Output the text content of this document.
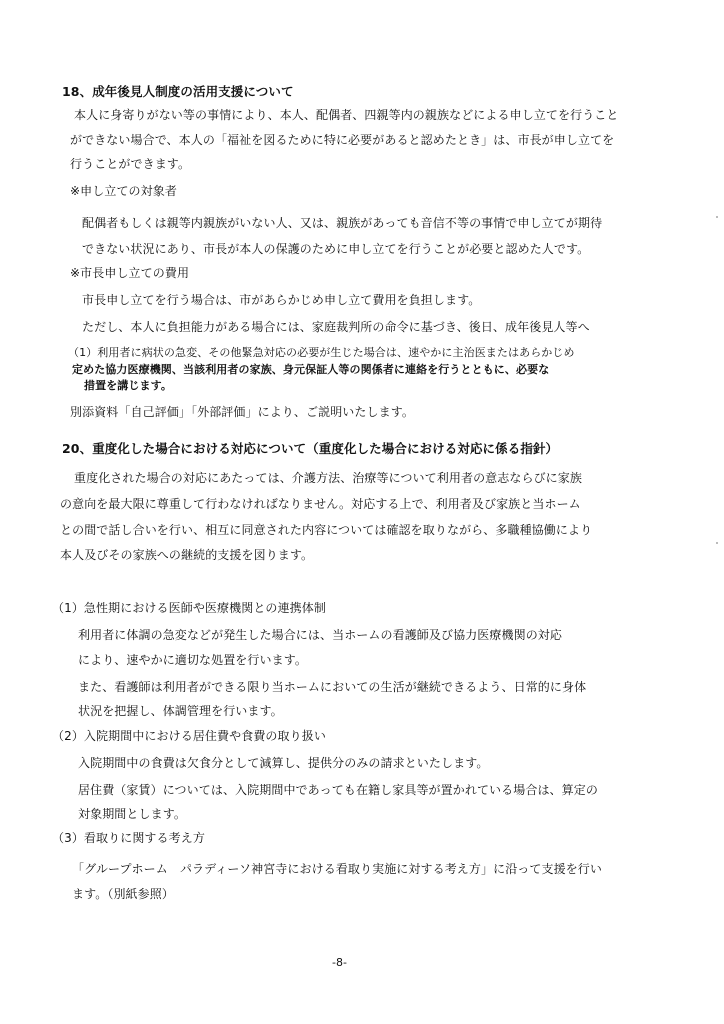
18、成年後見人制度の活用支援について
本人に身寄りがない等の事情により、本人、配偶者、四親等内の親族などによる申し立てを行うこと
ができない場合で、本人の「福祉を図るために特に必要があると認めたとき」は、市長が申し立てを
行うことができます。
※申し立ての対象者
配偶者もしくは親等内親族がいない人、又は、親族があっても音信不等の事情で申し立てが期待
できない状況にあり、市長が本人の保護のために申し立てを行うことが必要と認めた人です。
※市長申し立ての費用
市長申し立てを行う場合は、市があらかじめ申し立て費用を負担します。
ただし、本人に負担能力がある場合には、家庭裁判所の命令に基づき、後日、成年後見人等へ
（1）利用者に病状の急変、その他緊急対応の必要が生じた場合は、速やかに主治医またはあらかじめ
定めた協力医療機関、当該利用者の家族、身元保証人等の関係者に連絡を行うとともに、必要な
措置を講じます。
別添資料「自己評価」「外部評価」により、ご説明いたします。
20、重度化した場合における対応について（重度化した場合における対応に係る指針）
重度化された場合の対応にあたっては、介護方法、治療等について利用者の意志ならびに家族
の意向を最大限に尊重して行わなければなりません。対応する上で、利用者及び家族と当ホーム
との間で話し合いを行い、相互に同意された内容については確認を取りながら、多職種協働により
本人及びその家族への継続的支援を図ります。
（1）急性期における医師や医療機関との連携体制
利用者に体調の急変などが発生した場合には、当ホームの看護師及び協力医療機関の対応
により、速やかに適切な処置を行います。
また、看護師は利用者ができる限り当ホームにおいての生活が継続できるよう、日常的に身体
状況を把握し、体調管理を行います。
（2）入院期間中における居住費や食費の取り扱い
入院期間中の食費は欠食分として減算し、提供分のみの請求といたします。
居住費（家賃）については、入院期間中であっても在籍し家具等が置かれている場合は、算定の
対象期間とします。
（3）看取りに関する考え方
「グループホーム　パラディーソ神宮寺における看取り実施に対する考え方」に沿って支援を行い
ます。（別紙参照）
-8-
